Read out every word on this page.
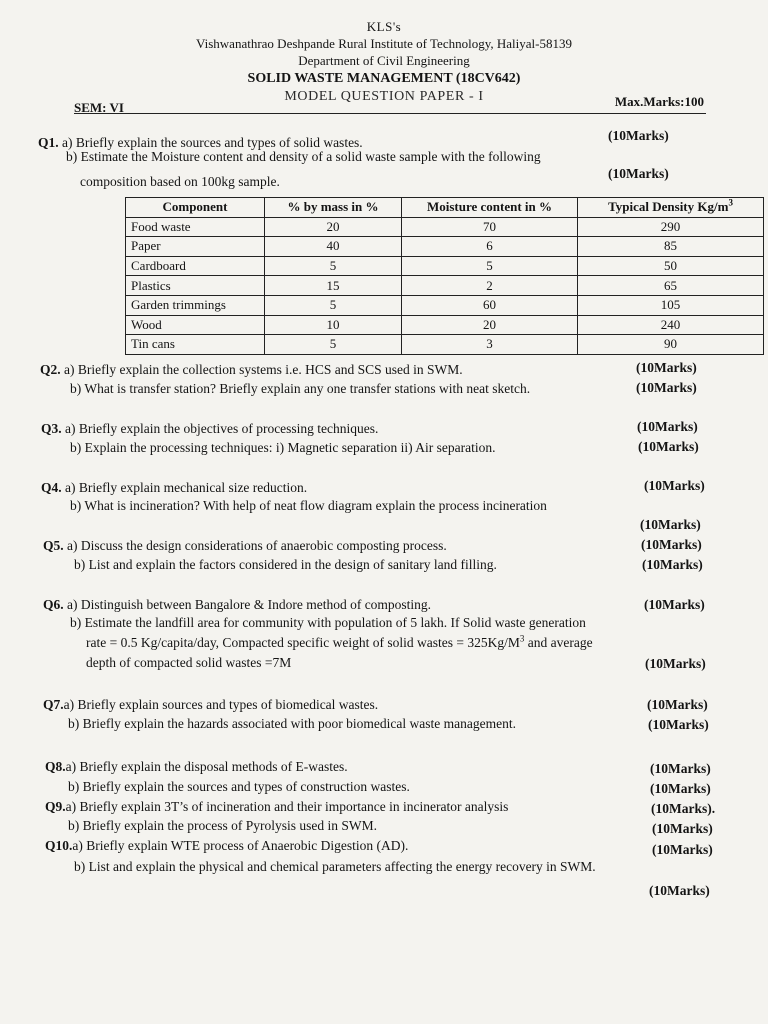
KLS's
Vishwanathrao Deshpande Rural Institute of Technology, Haliyal-58139
Department of Civil Engineering
SOLID WASTE MANAGEMENT (18CV642)
MODEL QUESTION PAPER - I
SEM: VI	Max.Marks:100
Q1. a) Briefly explain the sources and types of solid wastes.	(10Marks)
b) Estimate the Moisture content and density of a solid waste sample with the following
(10Marks)
composition based on 100kg sample.
Component	% by mass in %	Moisture content in %	Typical Density $Kg/m^3$
Food waste	20	70	290
Paper	40	6	85
Cardboard	5	5	50
Plastics	15	2	65
Garden trimmings	5	60	105
Wood	10	20	240
Tin cans	5	3	90
Q2. a) Briefly explain the collection systems i.e. HCS and SCS used in SWM.	(10Marks)
b) What is transfer station? Briefly explain any one transfer stations with neat sketch.	(10Marks)
Q3. a) Briefly explain the objectives of processing techniques.	(10Marks)
b) Explain the processing techniques: i) Magnetic separation ii) Air separation.	(10Marks)
Q4. a) Briefly explain mechanical size reduction.	(10Marks)
b) What is incineration? With help of neat flow diagram explain the process incineration
(10Marks)
Q5. a) Discuss the design considerations of anaerobic composting process.	(10Marks)
b) List and explain the factors considered in the design of sanitary land filling.	(10Marks)
Q6. a) Distinguish between Bangalore & Indore method of composting.	(10Marks)
b) Estimate the landfill area for community with population of 5 lakh. If Solid waste generation
rate = 0.5 Kg/capita/day, Compacted specific weight of solid wastes = $325Kg/M^3$ and average
depth of compacted solid wastes =7M	(10Marks)
Q7.a) Briefly explain sources and types of biomedical wastes.	(10Marks)
b) Briefly explain the hazards associated with poor biomedical waste management.	(10Marks)
Q8.a) Briefly explain the disposal methods of E-wastes.	(10Marks)
b) Briefly explain the sources and types of construction wastes.	(10Marks)
Q9.a) Briefly explain 3T’s of incineration and their importance in incinerator analysis	(10Marks).
b) Briefly explain the process of Pyrolysis used in SWM.	(10Marks)
Q10.a) Briefly explain WTE process of Anaerobic Digestion (AD).	(10Marks)
b) List and explain the physical and chemical parameters affecting the energy recovery in SWM.
(10Marks)
